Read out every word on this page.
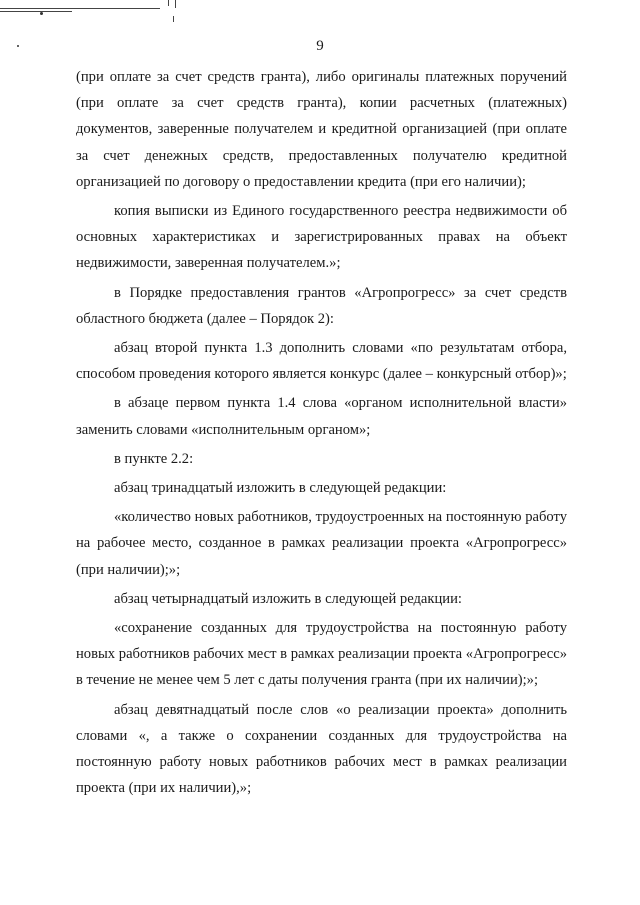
9

(при оплате за счет средств гранта), либо оригиналы платежных поручений (при оплате за счет средств гранта), копии расчетных (платежных) документов, заверенные получателем и кредитной организацией (при оплате за счет денежных средств, предоставленных получателю кредитной организацией по договору о предоставлении кредита (при его наличии);

копия выписки из Единого государственного реестра недвижимости об основных характеристиках и зарегистрированных правах на объект недвижимости, заверенная получателем.»;

в Порядке предоставления грантов «Агропрогресс» за счет средств областного бюджета (далее – Порядок 2):

абзац второй пункта 1.3 дополнить словами «по результатам отбора, способом проведения которого является конкурс (далее – конкурсный отбор)»;

в абзаце первом пункта 1.4 слова «органом исполнительной власти» заменить словами «исполнительным органом»;

в пункте 2.2:

абзац тринадцатый изложить в следующей редакции:

«количество новых работников, трудоустроенных на постоянную работу на рабочее место, созданное в рамках реализации проекта «Агропрогресс» (при наличии);»;

абзац четырнадцатый изложить в следующей редакции:

«сохранение созданных для трудоустройства на постоянную работу новых работников рабочих мест в рамках реализации проекта «Агропрогресс» в течение не менее чем 5 лет с даты получения гранта (при их наличии);»;

абзац девятнадцатый после слов «о реализации проекта» дополнить словами «, а также о сохранении созданных для трудоустройства на постоянную работу новых работников рабочих мест в рамках реализации проекта (при их наличии),»;
